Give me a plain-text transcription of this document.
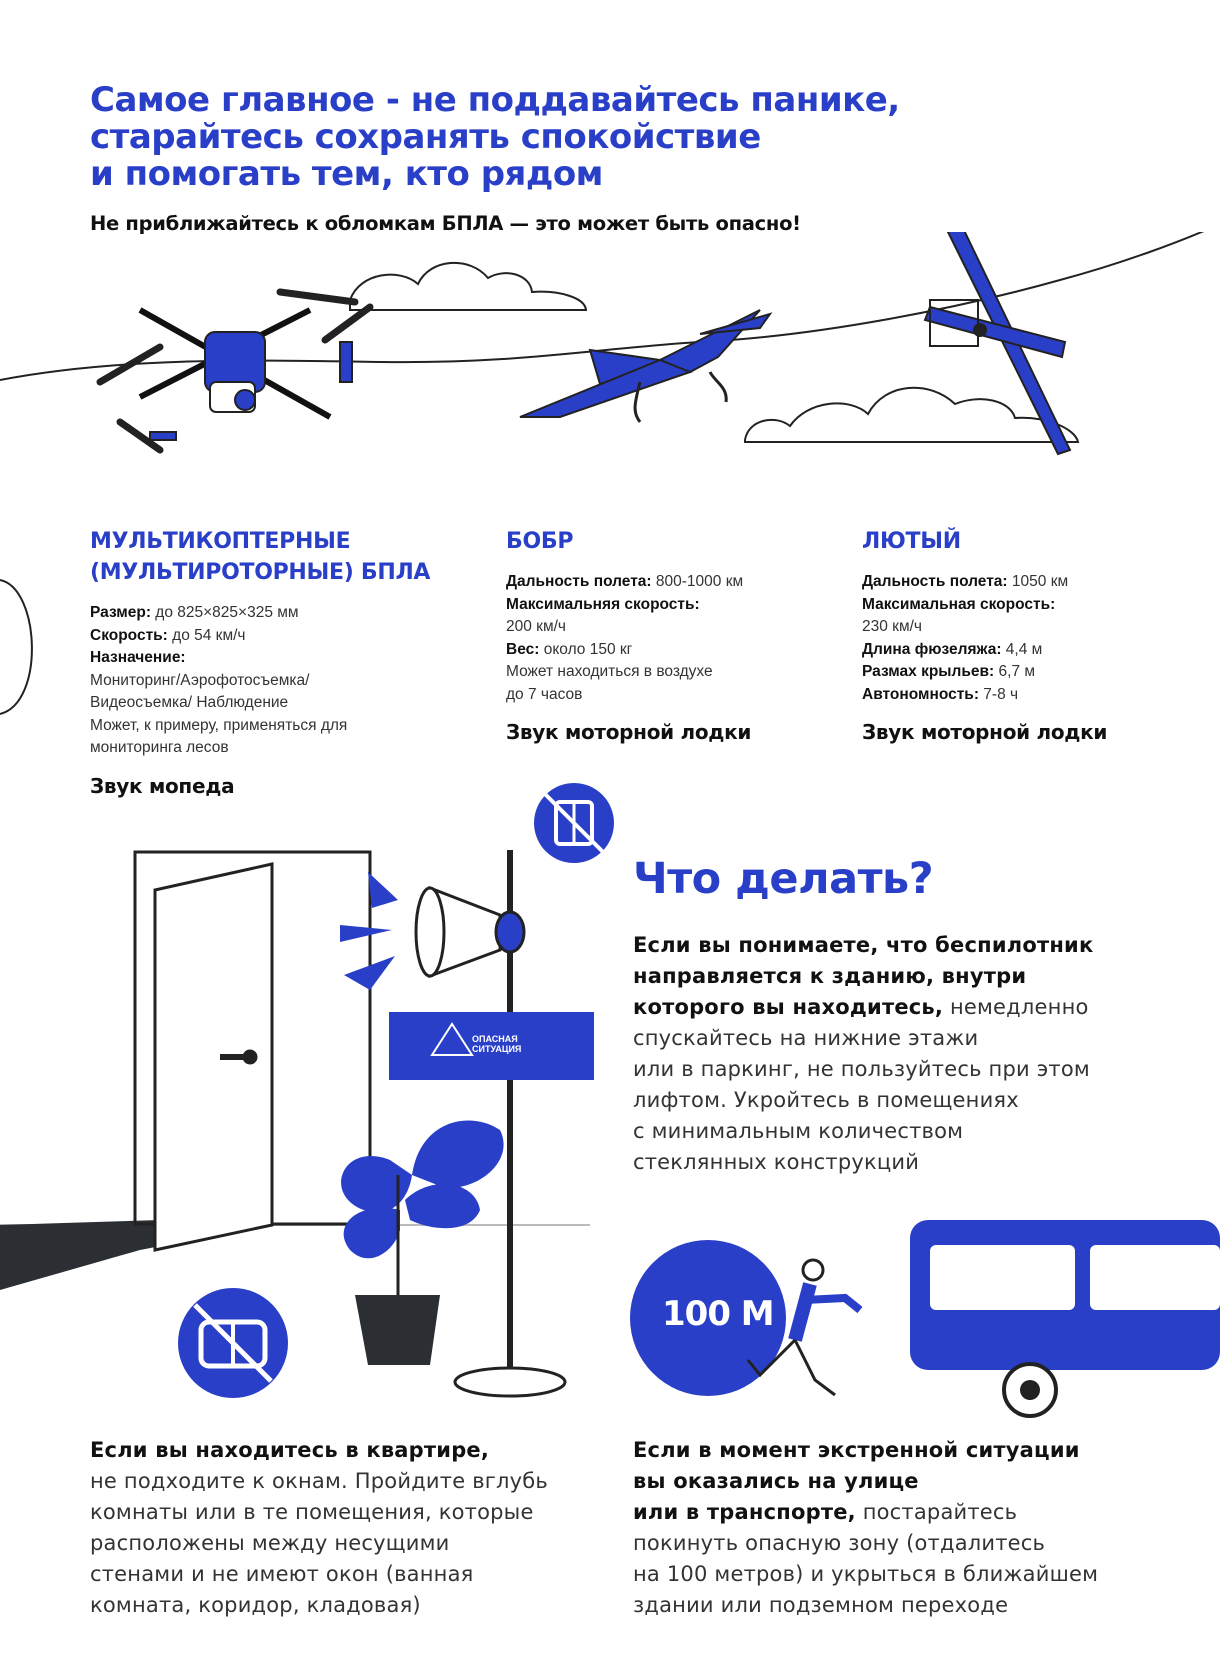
Самое главное - не поддавайтесь панике,
старайтесь сохранять спокойствие
и помогать тем, кто рядом
Не приближайтесь к обломкам БПЛА — это может быть опасно!
МУЛЬТИКОПТЕРНЫЕ
(МУЛЬТИРОТОРНЫЕ) БПЛА
Размер: до 825×825×325 мм
Скорость: до 54 км/ч
Назначение:
Мониторинг/Аэрофотосъемка/
Видеосъемка/ Наблюдение
Может, к примеру, применяться для
мониторинга лесов
Звук мопеда
БОБР
Дальность полета: 800-1000 км
Максимальняя скорость:
200 км/ч
Вес: около 150 кг
Может находиться в воздухе
до 7 часов
Звук моторной лодки
ЛЮТЫЙ
Дальность полета: 1050 км
Максимальная скорость:
230 км/ч
Длина фюзеляжа: 4,4 м
Размах крыльев: 6,7 м
Автономность: 7-8 ч
Звук моторной лодки
ОПАСНАЯ
СИТУАЦИЯ
Что делать?
Если вы понимаете, что беспилотник
направляется к зданию, внутри
которого вы находитесь, немедленно
спускайтесь на нижние этажи
или в паркинг, не пользуйтесь при этом
лифтом. Укройтесь в помещениях
с минимальным количеством
стеклянных конструкций
100 М
Если вы находитесь в квартире,
не подходите к окнам. Пройдите вглубь
комнаты или в те помещения, которые
расположены между несущими
стенами и не имеют окон (ванная
комната, коридор, кладовая)
Если в момент экстренной ситуации
вы оказались на улице
или в транспорте, постарайтесь
покинуть опасную зону (отдалитесь
на 100 метров) и укрыться в ближайшем
здании или подземном переходе
